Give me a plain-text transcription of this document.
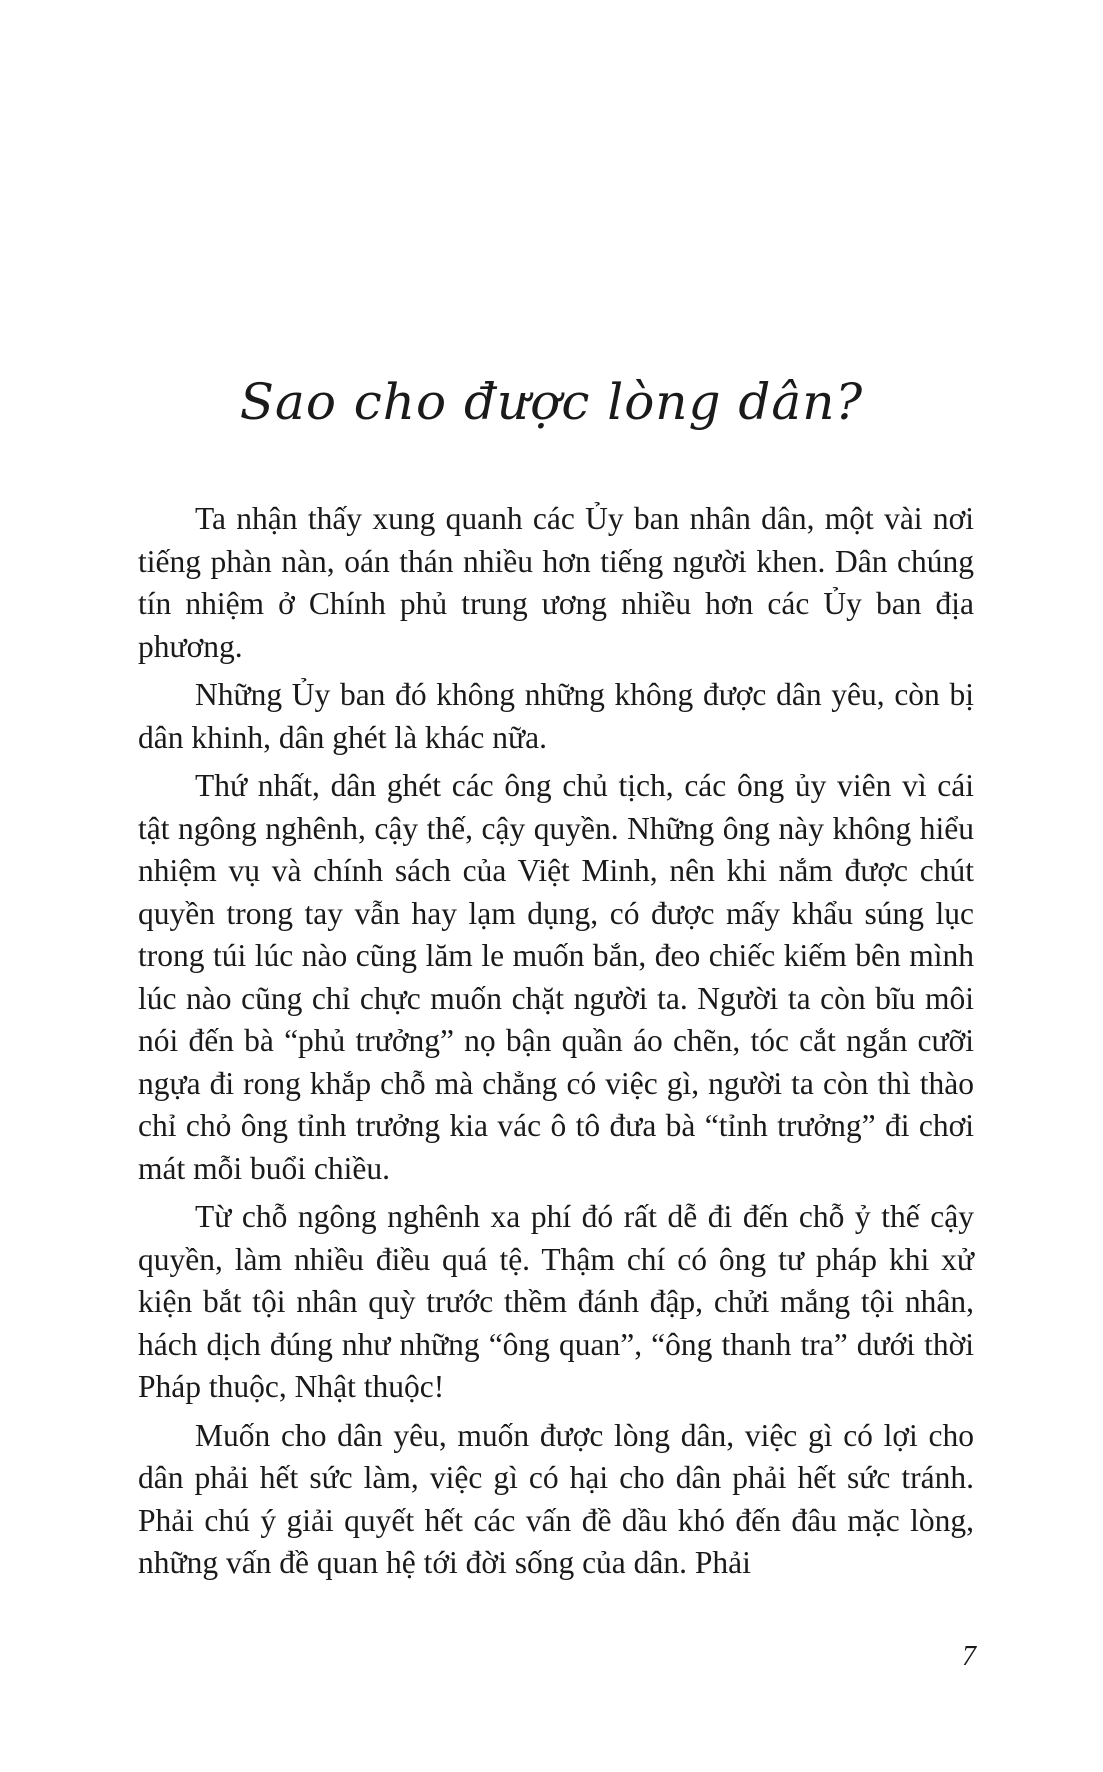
Sao cho được lòng dân?

Ta nhận thấy xung quanh các Ủy ban nhân dân, một vài nơi tiếng phàn nàn, oán thán nhiều hơn tiếng người khen. Dân chúng tín nhiệm ở Chính phủ trung ương nhiều hơn các Ủy ban địa phương.

Những Ủy ban đó không những không được dân yêu, còn bị dân khinh, dân ghét là khác nữa.

Thứ nhất, dân ghét các ông chủ tịch, các ông ủy viên vì cái tật ngông nghênh, cậy thế, cậy quyền. Những ông này không hiểu nhiệm vụ và chính sách của Việt Minh, nên khi nắm được chút quyền trong tay vẫn hay lạm dụng, có được mấy khẩu súng lục trong túi lúc nào cũng lăm le muốn bắn, đeo chiếc kiếm bên mình lúc nào cũng chỉ chực muốn chặt người ta. Người ta còn bĩu môi nói đến bà “phủ trưởng” nọ bận quần áo chẽn, tóc cắt ngắn cưỡi ngựa đi rong khắp chỗ mà chẳng có việc gì, người ta còn thì thào chỉ chỏ ông tỉnh trưởng kia vác ô tô đưa bà “tỉnh trưởng” đi chơi mát mỗi buổi chiều.

Từ chỗ ngông nghênh xa phí đó rất dễ đi đến chỗ ỷ thế cậy quyền, làm nhiều điều quá tệ. Thậm chí có ông tư pháp khi xử kiện bắt tội nhân quỳ trước thềm đánh đập, chửi mắng tội nhân, hách dịch đúng như những “ông quan”, “ông thanh tra” dưới thời Pháp thuộc, Nhật thuộc!

Muốn cho dân yêu, muốn được lòng dân, việc gì có lợi cho dân phải hết sức làm, việc gì có hại cho dân phải hết sức tránh. Phải chú ý giải quyết hết các vấn đề dầu khó đến đâu mặc lòng, những vấn đề quan hệ tới đời sống của dân. Phải

7
